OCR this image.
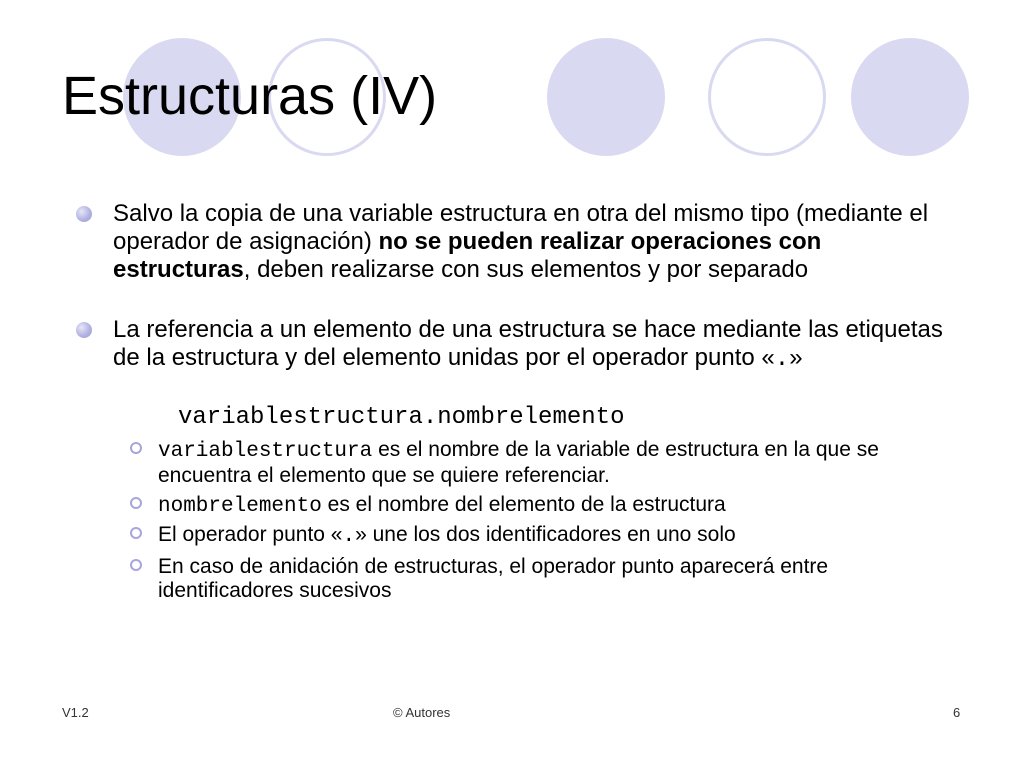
Estructuras (IV)
Salvo la copia de una variable estructura en otra del mismo tipo (mediante el operador de asignación) no se pueden realizar operaciones con estructuras, deben realizarse con sus elementos y por separado
La referencia a un elemento de una estructura se hace mediante las etiquetas de la estructura y del elemento unidas por el operador punto «.»
variablestructura.nombrelemento
variablestructura es el nombre de la variable de estructura en la que se encuentra el elemento que se quiere referenciar.
nombrelemento es el nombre del elemento de la estructura
El operador punto «.» une los dos identificadores en uno solo
En caso de anidación de estructuras, el operador punto aparecerá entre identificadores sucesivos
V1.2	© Autores	6
